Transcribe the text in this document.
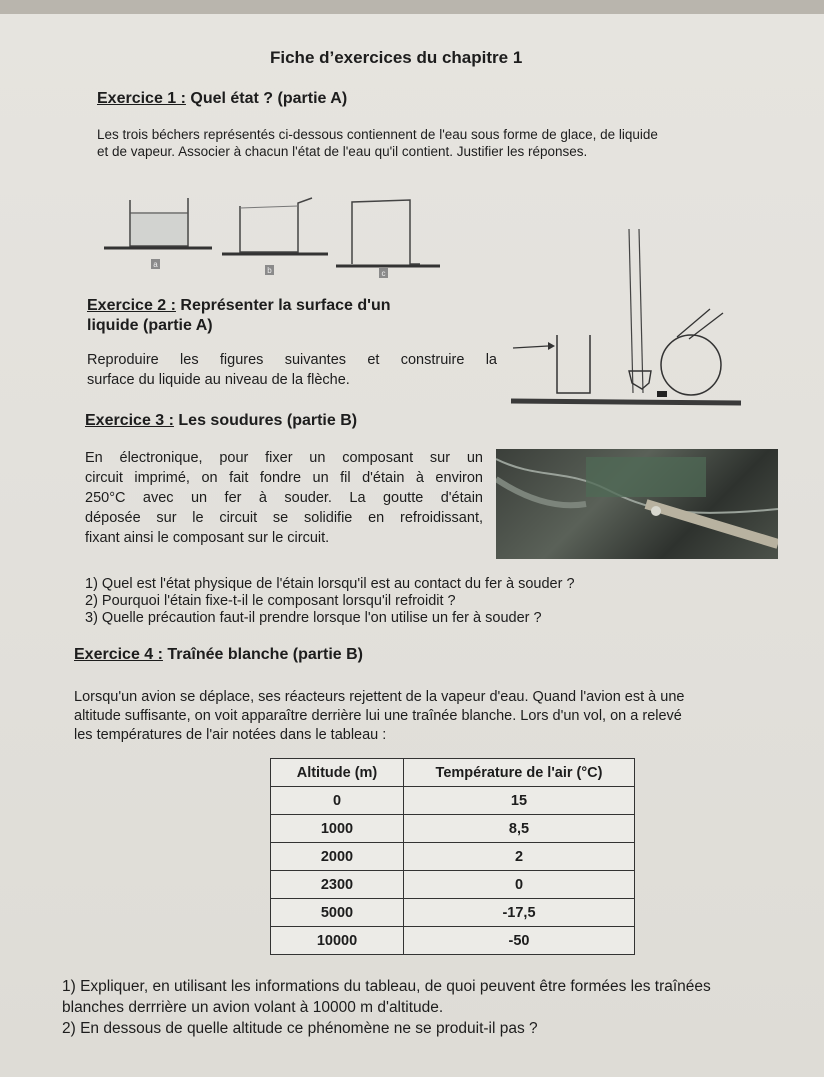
Fiche d’exercices du chapitre 1
Exercice 1 : Quel état ? (partie A)
Les trois béchers représentés ci-dessous contiennent de l'eau sous forme de glace, de liquide
et de vapeur. Associer à chacun l'état de l'eau qu'il contient. Justifier les réponses.
a
b	c
Exercice 2 : Représenter la surface d'un
liquide (partie A)
Reproduire les figures suivantes et construire la
surface du liquide au niveau de la flèche.
Exercice 3 : Les soudures (partie B)
En électronique, pour fixer un composant sur un
circuit imprimé, on fait fondre un fil d'étain à environ
250°C avec un fer à souder. La goutte d'étain
déposée sur le circuit se solidifie en refroidissant,
fixant ainsi le composant sur le circuit.
1) Quel est l'état physique de l'étain lorsqu'il est au contact du fer à souder ?
2) Pourquoi l'étain fixe-t-il le composant lorsqu'il refroidit ?
3) Quelle précaution faut-il prendre lorsque l'on utilise un fer à souder ?
Exercice 4 : Traînée blanche (partie B)
Lorsqu'un avion se déplace, ses réacteurs rejettent de la vapeur d'eau. Quand l'avion est à une
altitude suffisante, on voit apparaître derrière lui une traînée blanche. Lors d'un vol, on a relevé
les températures de l'air notées dans le tableau :
Altitude (m)	Température de l'air (°C)
0	15
1000	8,5
2000	2
2300	0
5000	-17,5
10000	-50
1) Expliquer, en utilisant les informations du tableau, de quoi peuvent être formées les traînées
blanches derrrière un avion volant à 10000 m d'altitude.
2) En dessous de quelle altitude ce phénomène ne se produit-il pas ?
